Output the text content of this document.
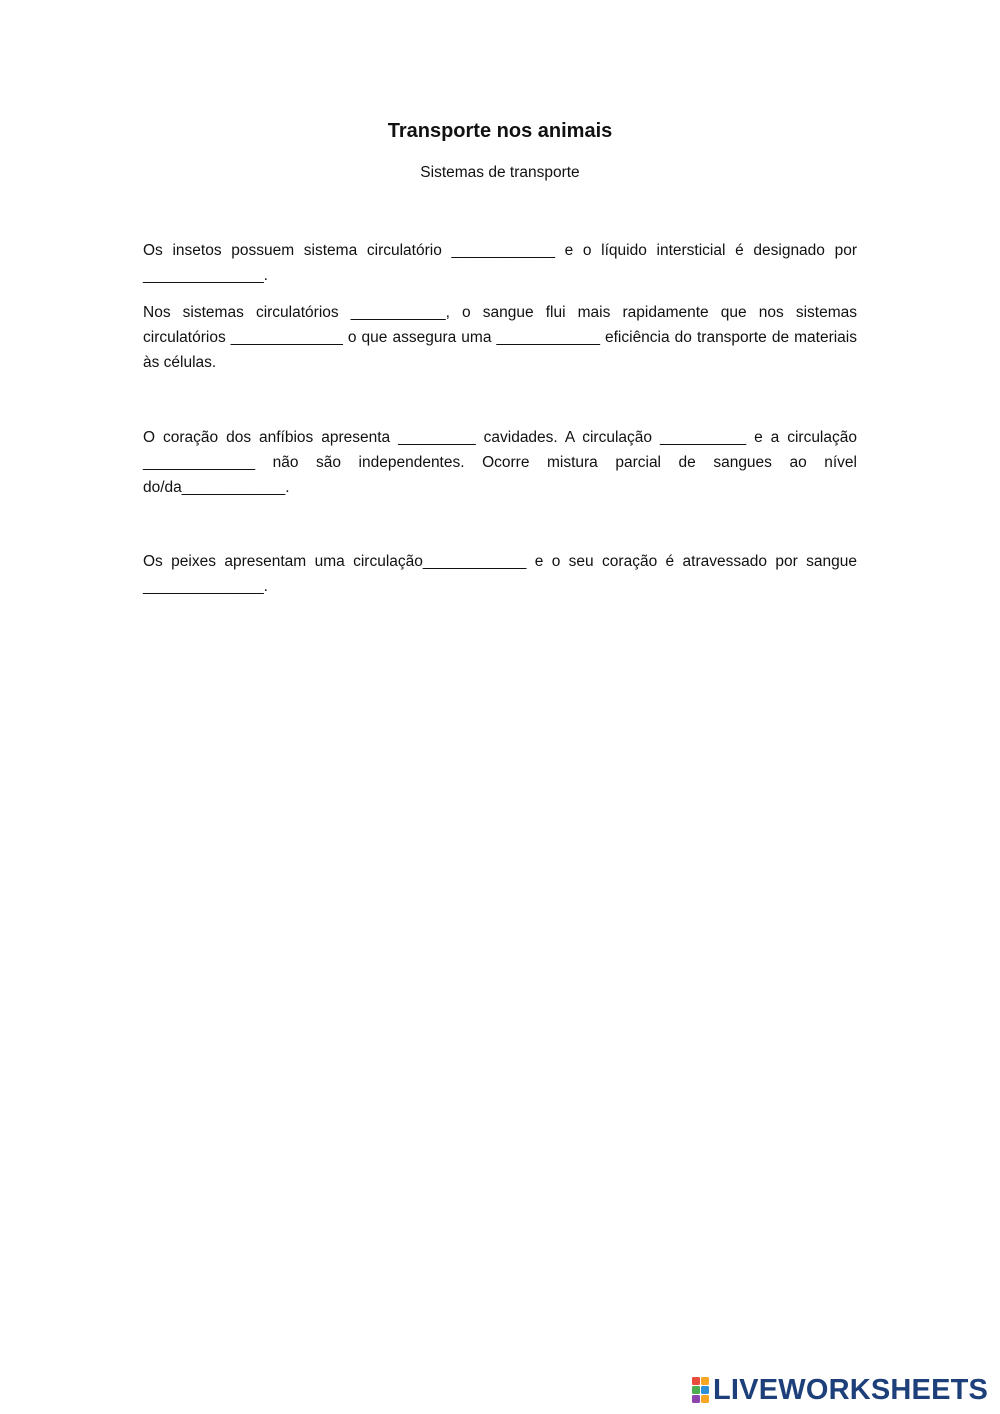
Transporte nos animais

Sistemas de transporte

Os insetos possuem sistema circulatório ____________ e o líquido intersticial é designado por ______________.

Nos sistemas circulatórios ___________, o sangue flui mais rapidamente que nos sistemas circulatórios _____________ o que assegura uma ____________ eficiência do transporte de materiais às células.

O coração dos anfíbios apresenta _________ cavidades. A circulação __________ e a circulação _____________ não são independentes. Ocorre mistura parcial de sangues ao nível do/da____________.

Os peixes apresentam uma circulação____________ e o seu coração é atravessado por sangue ______________.

LIVEWORKSHEETS
